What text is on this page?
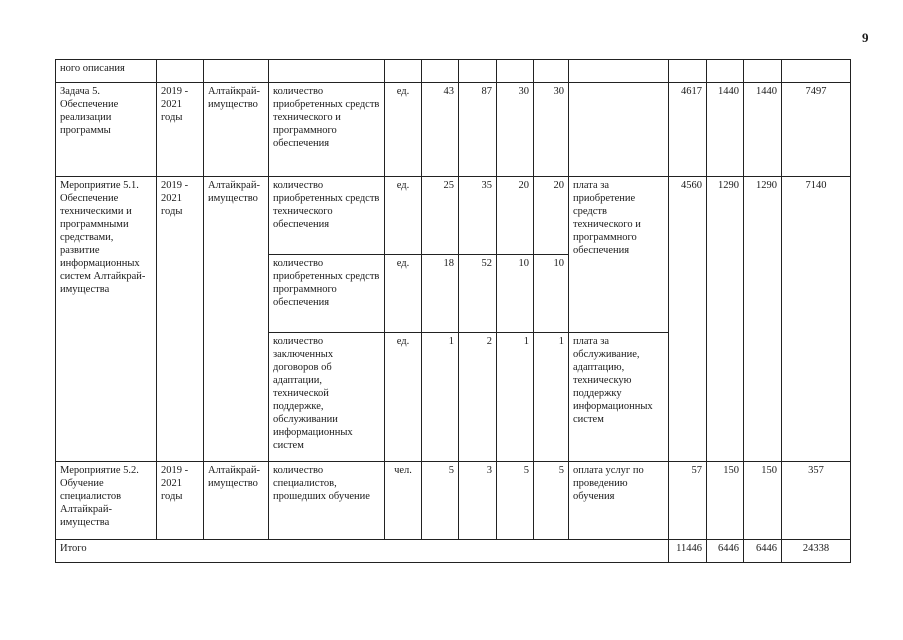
9
ного описания													
Задача 5. Обеспечение реализации программы	2019 - 2021 годы	Алтайкрай-имущество	количество приобретенных средств технического и программного обеспечения	ед.	43	87	30	30		4617	1440	1440	7497
Мероприятие 5.1. Обеспечение техническими и программными средствами, развитие информационных систем Алтайкрай-имущества	2019 - 2021 годы	Алтайкрай-имущество	количество приобретенных средств технического обеспечения	ед.	25	35	20	20	плата за приобретение средств технического и программного обеспечения	4560	1290	1290	7140
			количество приобретенных средств программного обеспечения	ед.	18	52	10	10					
			количество заключенных договоров об адаптации, технической поддержке, обслуживании информационных систем	ед.	1	2	1	1	плата за обслуживание, адаптацию, техническую поддержку информационных систем				
Мероприятие 5.2. Обучение специалистов Алтайкрай-имущества	2019 - 2021 годы	Алтайкрай-имущество	количество специалистов, прошедших обучение	чел.	5	3	5	5	оплата услуг по проведению обучения	57	150	150	357
Итого										11446	6446	6446	24338
